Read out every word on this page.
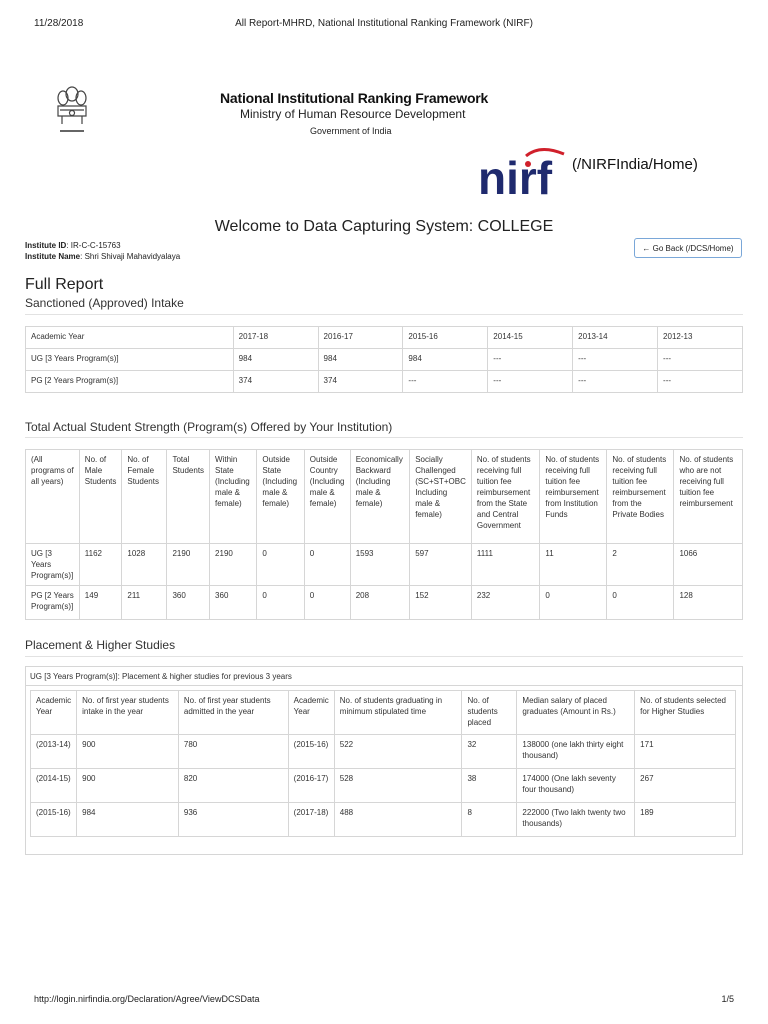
11/28/2018	All Report-MHRD, National Institutional Ranking Framework (NIRF)
National Institutional Ranking Framework
Ministry of Human Resource Development
Government of India
nirf (/NIRFIndia/Home)
Welcome to Data Capturing System: COLLEGE
Institute ID: IR-C-C-15763
Institute Name: Shri Shivaji Mahavidyalaya
← Go Back (/DCS/Home)
Full Report
Sanctioned (Approved) Intake
Academic Year	2017-18	2016-17	2015-16	2014-15	2013-14	2012-13
UG [3 Years Program(s)]	984	984	984	---	---	---
PG [2 Years Program(s)]	374	374	---	---	---	---
Total Actual Student Strength (Program(s) Offered by Your Institution)
(All programs of all years)	No. of Male Students	No. of Female Students	Total Students	Within State (Including male & female)	Outside State (Including male & female)	Outside Country (Including male & female)	Economically Backward (Including male & female)	Socially Challenged (SC+ST+OBC Including male & female)	No. of students receiving full tuition fee reimbursement from the State and Central Government	No. of students receiving full tuition fee reimbursement from Institution Funds	No. of students receiving full tuition fee reimbursement from the Private Bodies	No. of students who are not receiving full tuition fee reimbursement
UG [3 Years Program(s)]	1162	1028	2190	2190	0	0	1593	597	1111	11	2	1066
PG [2 Years Program(s)]	149	211	360	360	0	0	208	152	232	0	0	128
Placement & Higher Studies
UG [3 Years Program(s)]: Placement & higher studies for previous 3 years
Academic Year	No. of first year students intake in the year	No. of first year students admitted in the year	Academic Year	No. of students graduating in minimum stipulated time	No. of students placed	Median salary of placed graduates (Amount in Rs.)	No. of students selected for Higher Studies
(2013-14)	900	780	(2015-16)	522	32	138000 (one lakh thirty eight thousand)	171
(2014-15)	900	820	(2016-17)	528	38	174000 (One lakh seventy four thousand)	267
(2015-16)	984	936	(2017-18)	488	8	222000 (Two lakh twenty two thousands)	189
http://login.nirfindia.org/Declaration/Agree/ViewDCSData	1/5
